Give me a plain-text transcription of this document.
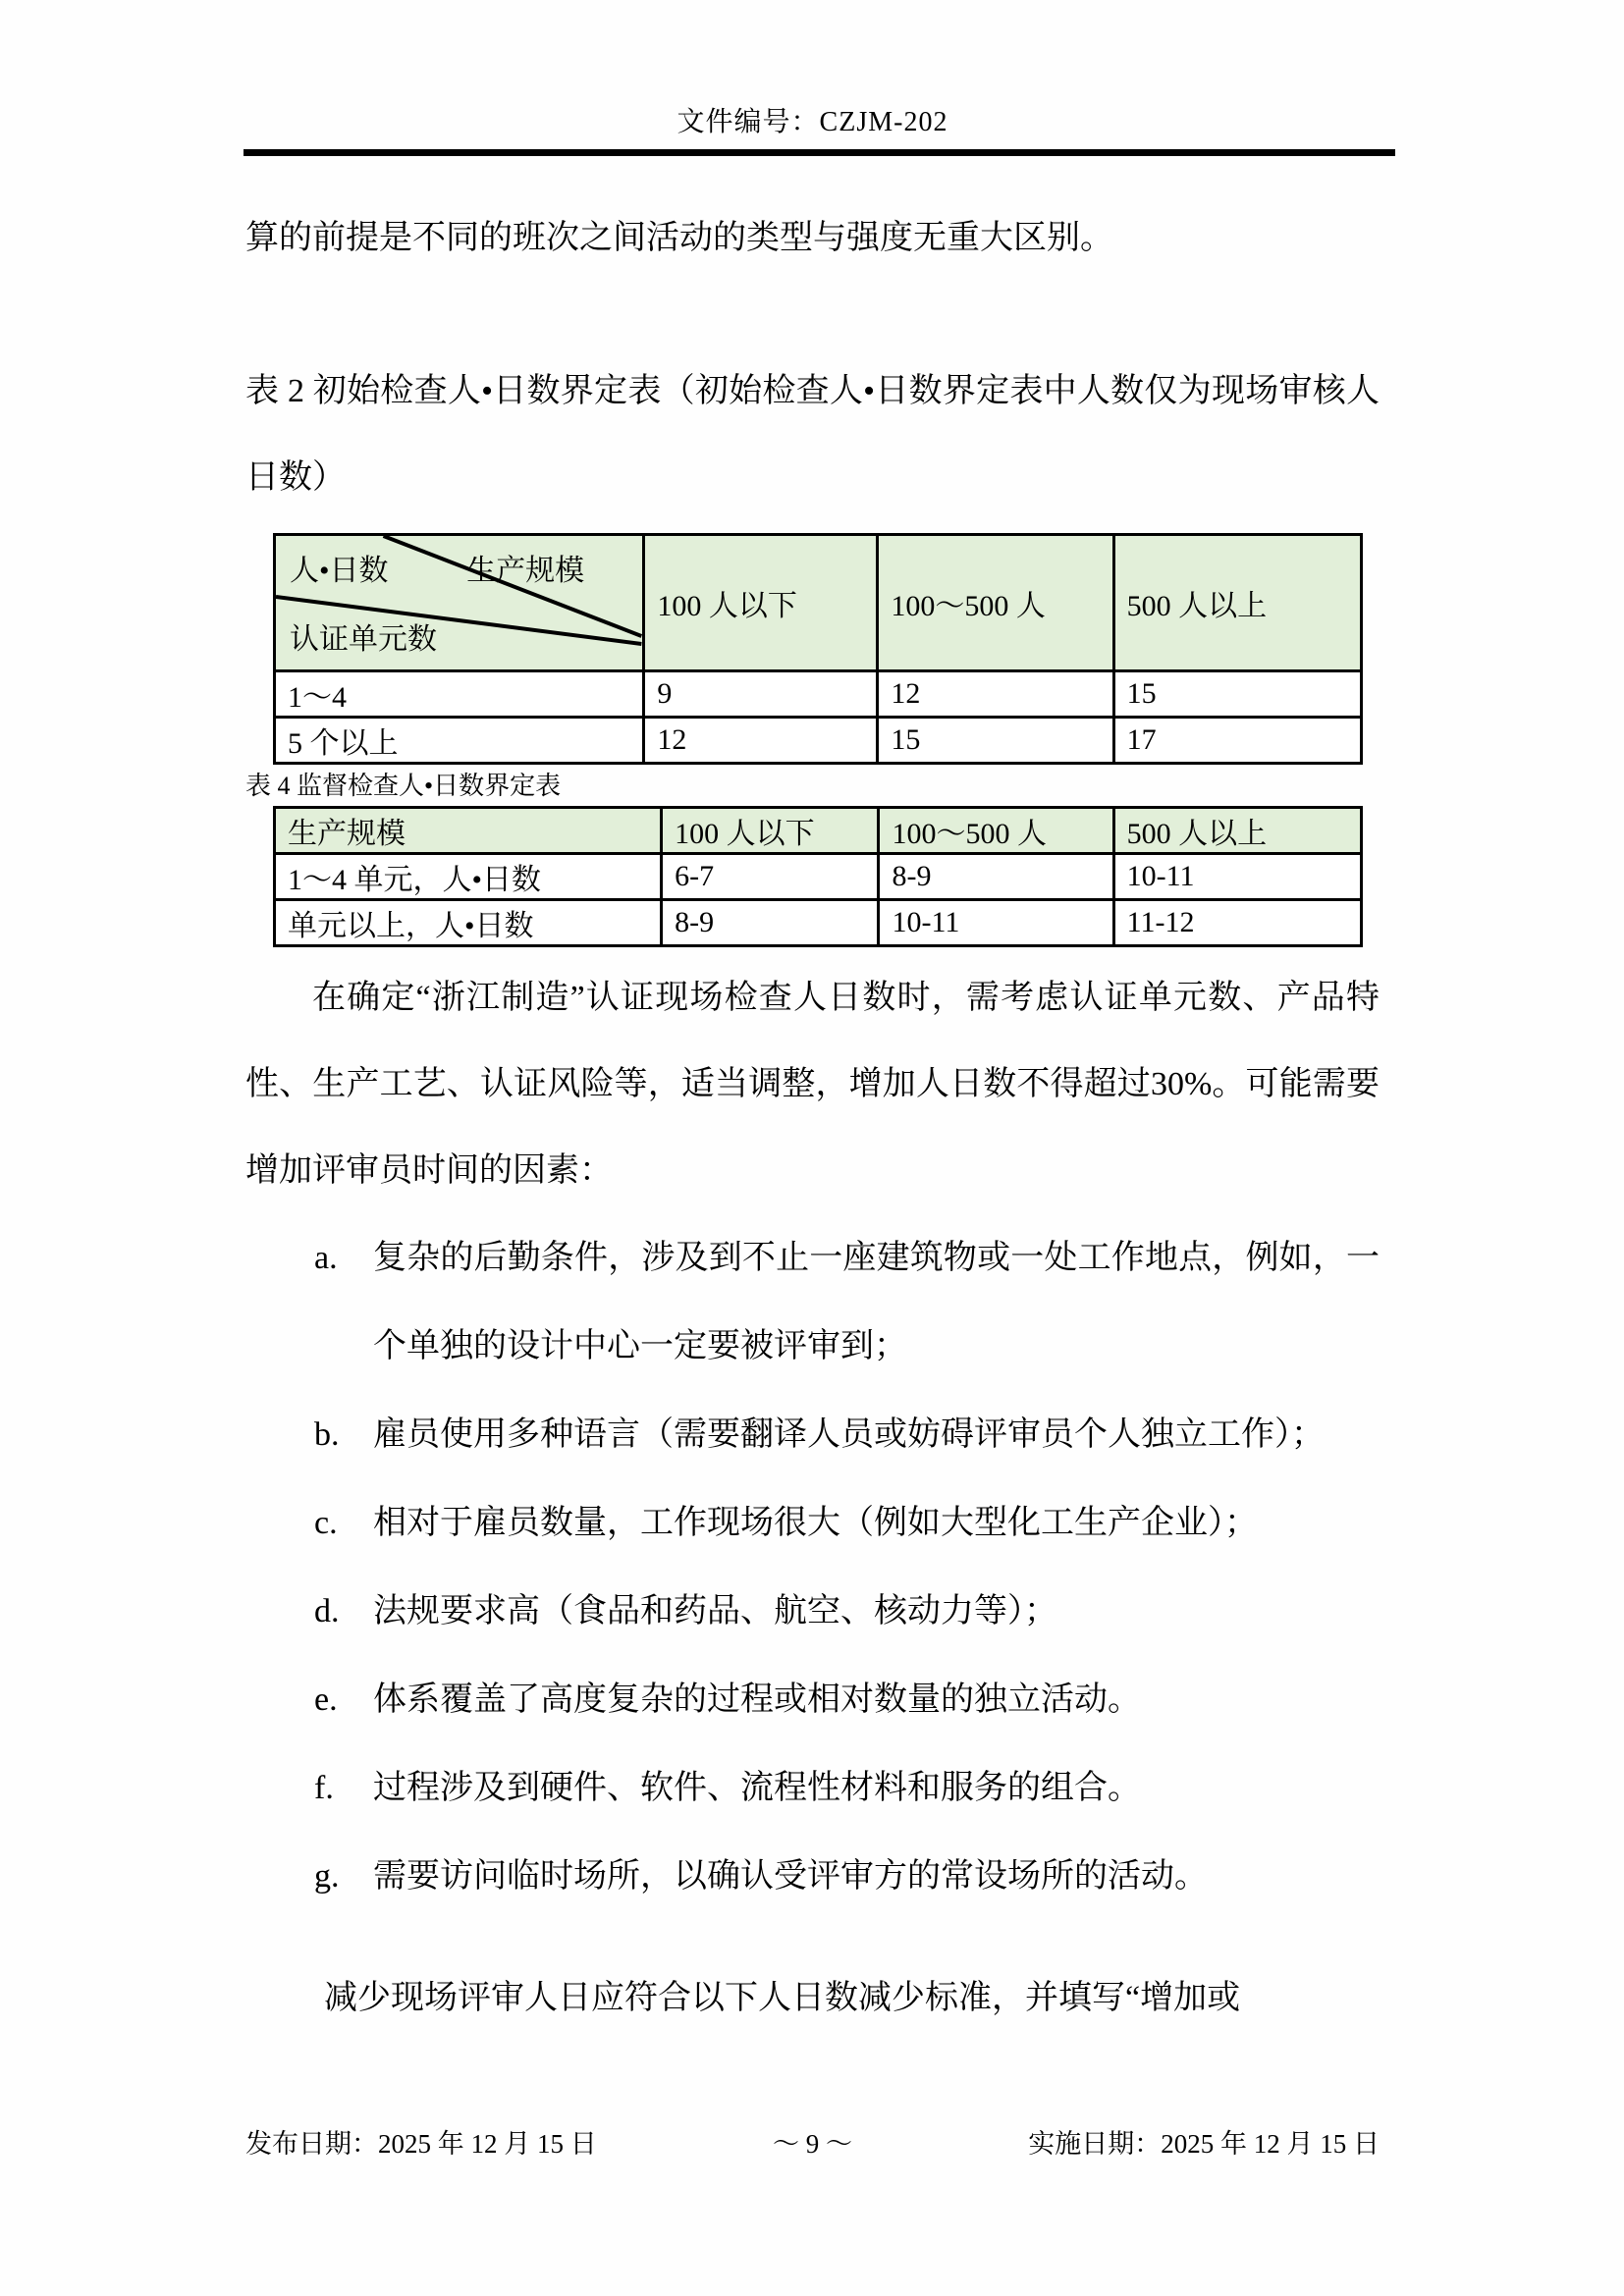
文件编号：CZJM-202

算的前提是不同的班次之间活动的类型与强度无重大区别。

表 2 初始检查人•日数界定表（初始检查人•日数界定表中人数仅为现场审核人日数）

人•日数 生产规模
认证单元数	100 人以下	100～500 人	500 人以上
1～4	9	12	15
5 个以上	12	15	17

表 4 监督检查人•日数界定表

生产规模	100 人以下	100～500 人	500 人以上
1～4 单元，人•日数	6-7	8-9	10-11
单元以上，人•日数	8-9	10-11	11-12

在确定“浙江制造”认证现场检查人日数时，需考虑认证单元数、产品特性、生产工艺、认证风险等，适当调整，增加人日数不得超过30%。可能需要增加评审员时间的因素：

a. 复杂的后勤条件，涉及到不止一座建筑物或一处工作地点，例如，一个单独的设计中心一定要被评审到；
b. 雇员使用多种语言（需要翻译人员或妨碍评审员个人独立工作）；
c. 相对于雇员数量，工作现场很大（例如大型化工生产企业）；
d. 法规要求高（食品和药品、航空、核动力等）；
e. 体系覆盖了高度复杂的过程或相对数量的独立活动。
f. 过程涉及到硬件、软件、流程性材料和服务的组合。
g. 需要访问临时场所，以确认受评审方的常设场所的活动。

减少现场评审人日应符合以下人日数减少标准，并填写“增加或

发布日期：2025 年 12 月 15 日	～ 9 ～	实施日期：2025 年 12 月 15 日
